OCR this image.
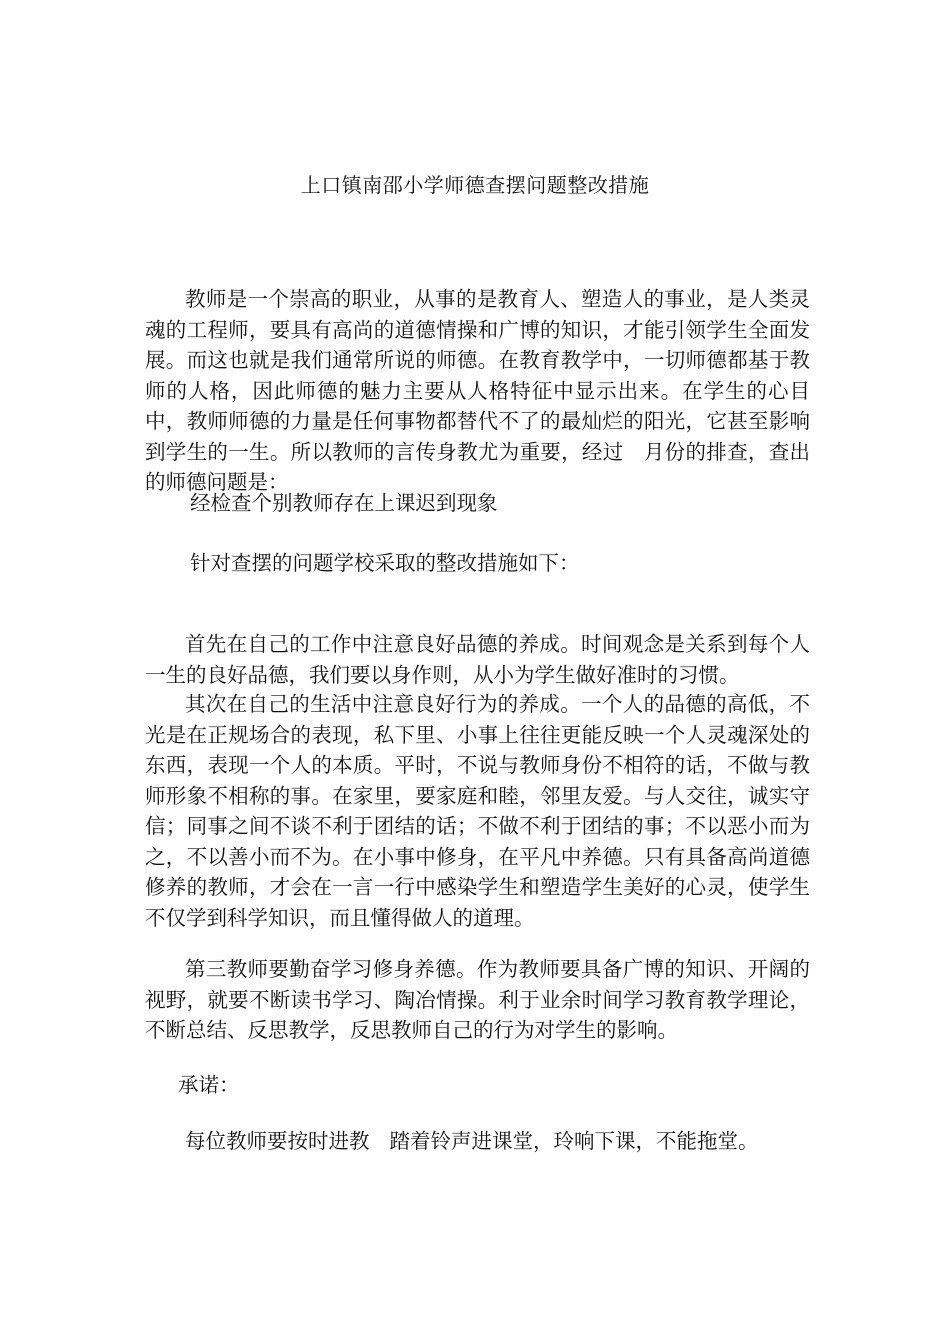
上口镇南邵小学师德查摆问题整改措施

教师是一个崇高的职业，从事的是教育人、塑造人的事业，是人类灵魂的工程师，要具有高尚的道德情操和广博的知识，才能引领学生全面发展。而这也就是我们通常所说的师德。在教育教学中，一切师德都基于教师的人格，因此师德的魅力主要从人格特征中显示出来。在学生的心目中，教师师德的力量是任何事物都替代不了的最灿烂的阳光，它甚至影响到学生的一生。所以教师的言传身教尤为重要，经过 月份的排查，查出的师德问题是：

经检查个别教师存在上课迟到现象

针对查摆的问题学校采取的整改措施如下：

首先在自己的工作中注意良好品德的养成。时间观念是关系到每个人一生的良好品德，我们要以身作则，从小为学生做好准时的习惯。

其次在自己的生活中注意良好行为的养成。一个人的品德的高低，不光是在正规场合的表现，私下里、小事上往往更能反映一个人灵魂深处的东西，表现一个人的本质。平时，不说与教师身份不相符的话，不做与教师形象不相称的事。在家里，要家庭和睦，邻里友爱。与人交往，诚实守信；同事之间不谈不利于团结的话；不做不利于团结的事；不以恶小而为之，不以善小而不为。在小事中修身，在平凡中养德。只有具备高尚道德修养的教师，才会在一言一行中感染学生和塑造学生美好的心灵，使学生不仅学到科学知识，而且懂得做人的道理。

第三教师要勤奋学习修身养德。作为教师要具备广博的知识、开阔的视野，就要不断读书学习、陶冶情操。利于业余时间学习教育教学理论，不断总结、反思教学，反思教师自己的行为对学生的影响。

承诺：

每位教师要按时进教 踏着铃声进课堂，玲响下课，不能拖堂。
